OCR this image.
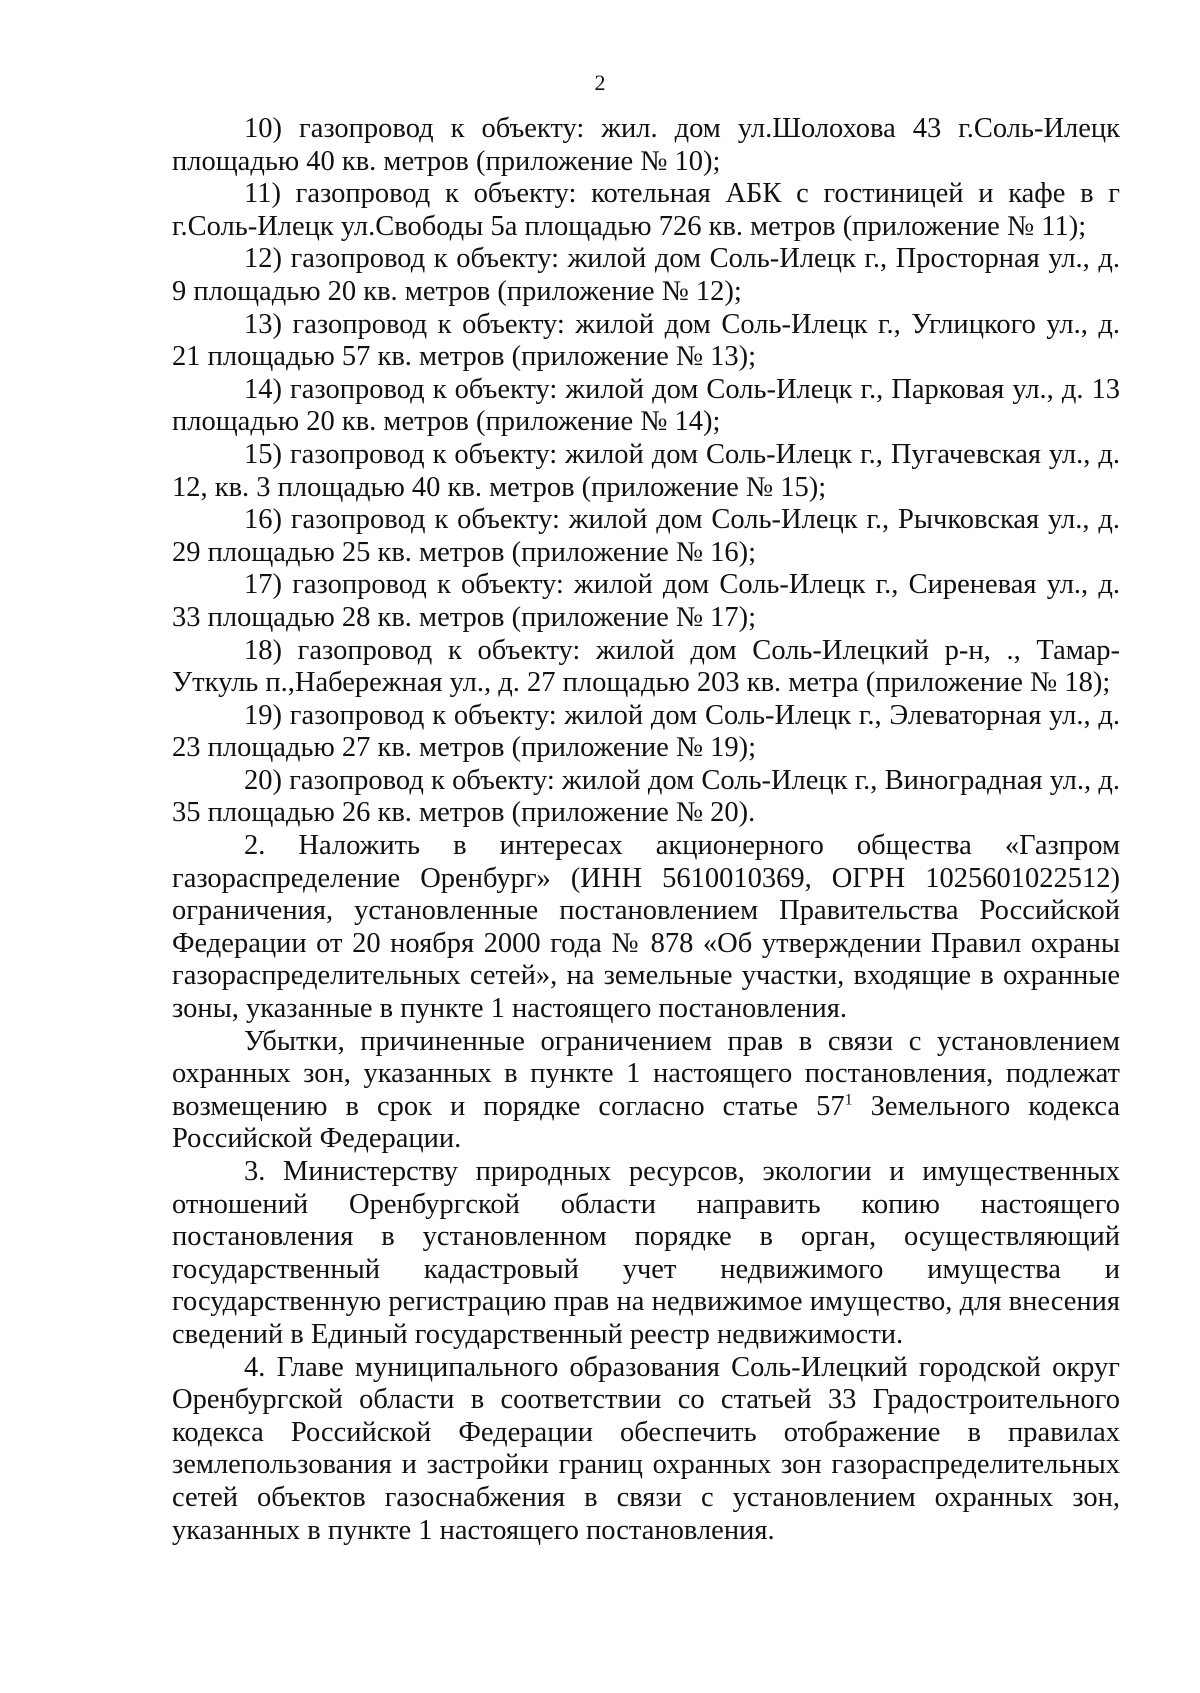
2

10) газопровод к объекту: жил. дом ул.Шолохова 43 г.Соль-Илецк площадью 40 кв. метров (приложение № 10);

11) газопровод к объекту: котельная АБК с гостиницей и кафе в г г.Соль-Илецк ул.Свободы 5а площадью 726 кв. метров (приложение № 11);

12) газопровод к объекту: жилой дом Соль-Илецк г., Просторная ул., д. 9 площадью 20 кв. метров (приложение № 12);

13) газопровод к объекту: жилой дом Соль-Илецк г., Углицкого ул., д. 21 площадью 57 кв. метров (приложение № 13);

14) газопровод к объекту: жилой дом Соль-Илецк г., Парковая ул., д. 13 площадью 20 кв. метров (приложение № 14);

15) газопровод к объекту: жилой дом Соль-Илецк г., Пугачевская ул., д. 12, кв. 3 площадью 40 кв. метров (приложение № 15);

16) газопровод к объекту: жилой дом Соль-Илецк г., Рычковская ул., д. 29 площадью 25 кв. метров (приложение № 16);

17) газопровод к объекту: жилой дом Соль-Илецк г., Сиреневая ул., д. 33 площадью 28 кв. метров (приложение № 17);

18) газопровод к объекту: жилой дом Соль-Илецкий р-н, ., Тамар-Уткуль п.,Набережная ул., д. 27 площадью 203 кв. метра (приложение № 18);

19) газопровод к объекту: жилой дом Соль-Илецк г., Элеваторная ул., д. 23 площадью 27 кв. метров (приложение № 19);

20) газопровод к объекту: жилой дом Соль-Илецк г., Виноградная ул., д. 35 площадью 26 кв. метров (приложение № 20).

2. Наложить в интересах акционерного общества «Газпром газораспределение Оренбург» (ИНН 5610010369, ОГРН 1025601022512) ограничения, установленные постановлением Правительства Российской Федерации от 20 ноября 2000 года № 878 «Об утверждении Правил охраны газораспределительных сетей», на земельные участки, входящие в охранные зоны, указанные в пункте 1 настоящего постановления.

Убытки, причиненные ограничением прав в связи с установлением охранных зон, указанных в пункте 1 настоящего постановления, подлежат возмещению в срок и порядке согласно статье $57^1$ Земельного кодекса Российской Федерации.

3. Министерству природных ресурсов, экологии и имущественных отношений Оренбургской области направить копию настоящего постановления в установленном порядке в орган, осуществляющий государственный кадастровый учет недвижимого имущества и государственную регистрацию прав на недвижимое имущество, для внесения сведений в Единый государственный реестр недвижимости.

4. Главе муниципального образования Соль-Илецкий городской округ Оренбургской области в соответствии со статьей 33 Градостроительного кодекса Российской Федерации обеспечить отображение в правилах землепользования и застройки границ охранных зон газораспределительных сетей объектов газоснабжения в связи с установлением охранных зон, указанных в пункте 1 настоящего постановления.
